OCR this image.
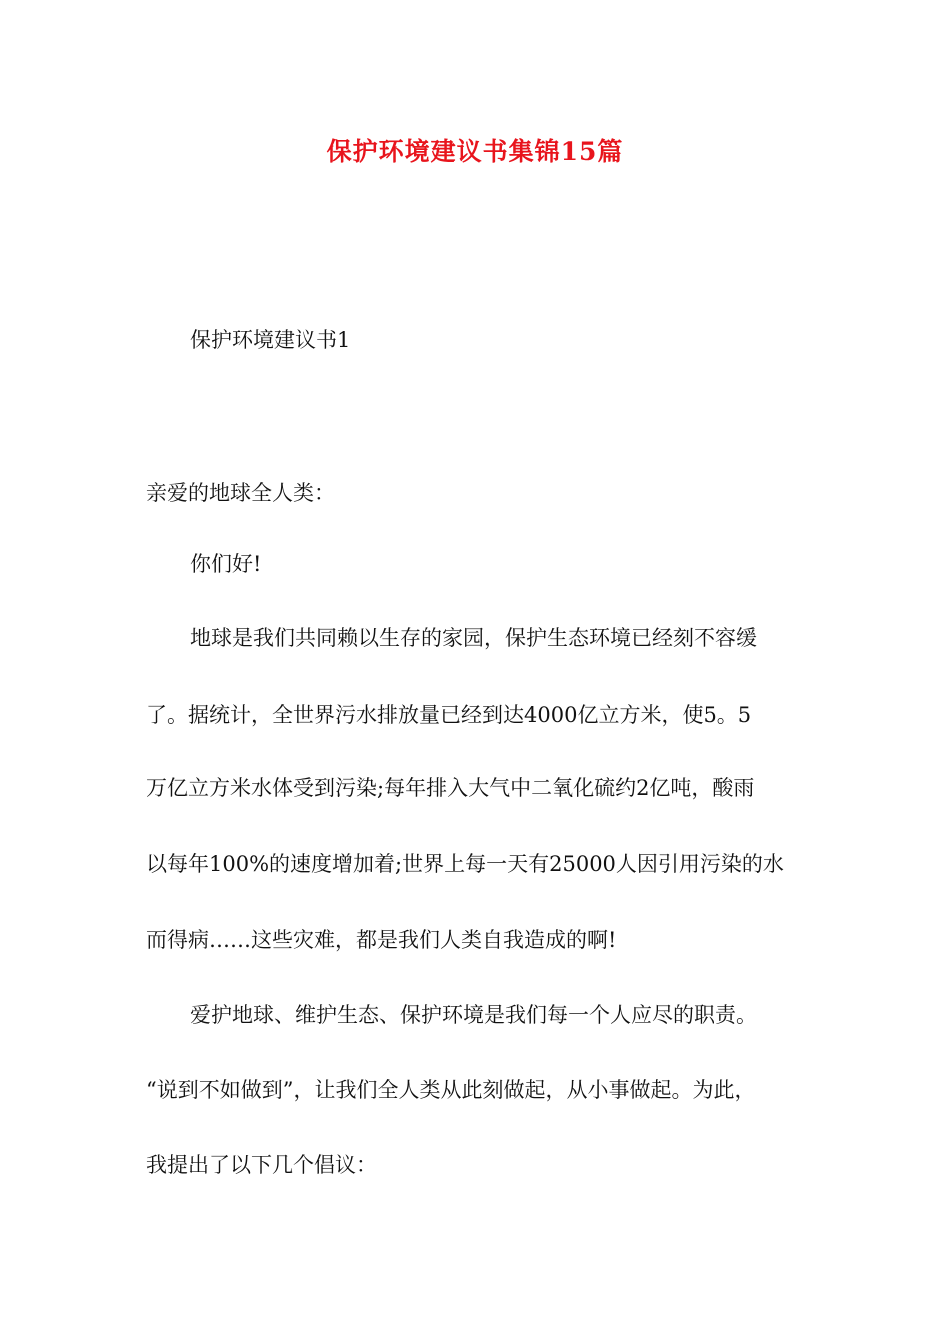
保护环境建议书集锦15篇

保护环境建议书1

亲爱的地球全人类：

你们好!

地球是我们共同赖以生存的家园，保护生态环境已经刻不容缓

了。据统计，全世界污水排放量已经到达4000亿立方米，使5。5

万亿立方米水体受到污染;每年排入大气中二氧化硫约2亿吨，酸雨

以每年100%的速度增加着;世界上每一天有25000人因引用污染的水

而得病……这些灾难，都是我们人类自我造成的啊!

爱护地球、维护生态、保护环境是我们每一个人应尽的职责。

“说到不如做到”，让我们全人类从此刻做起，从小事做起。为此，

我提出了以下几个倡议：
